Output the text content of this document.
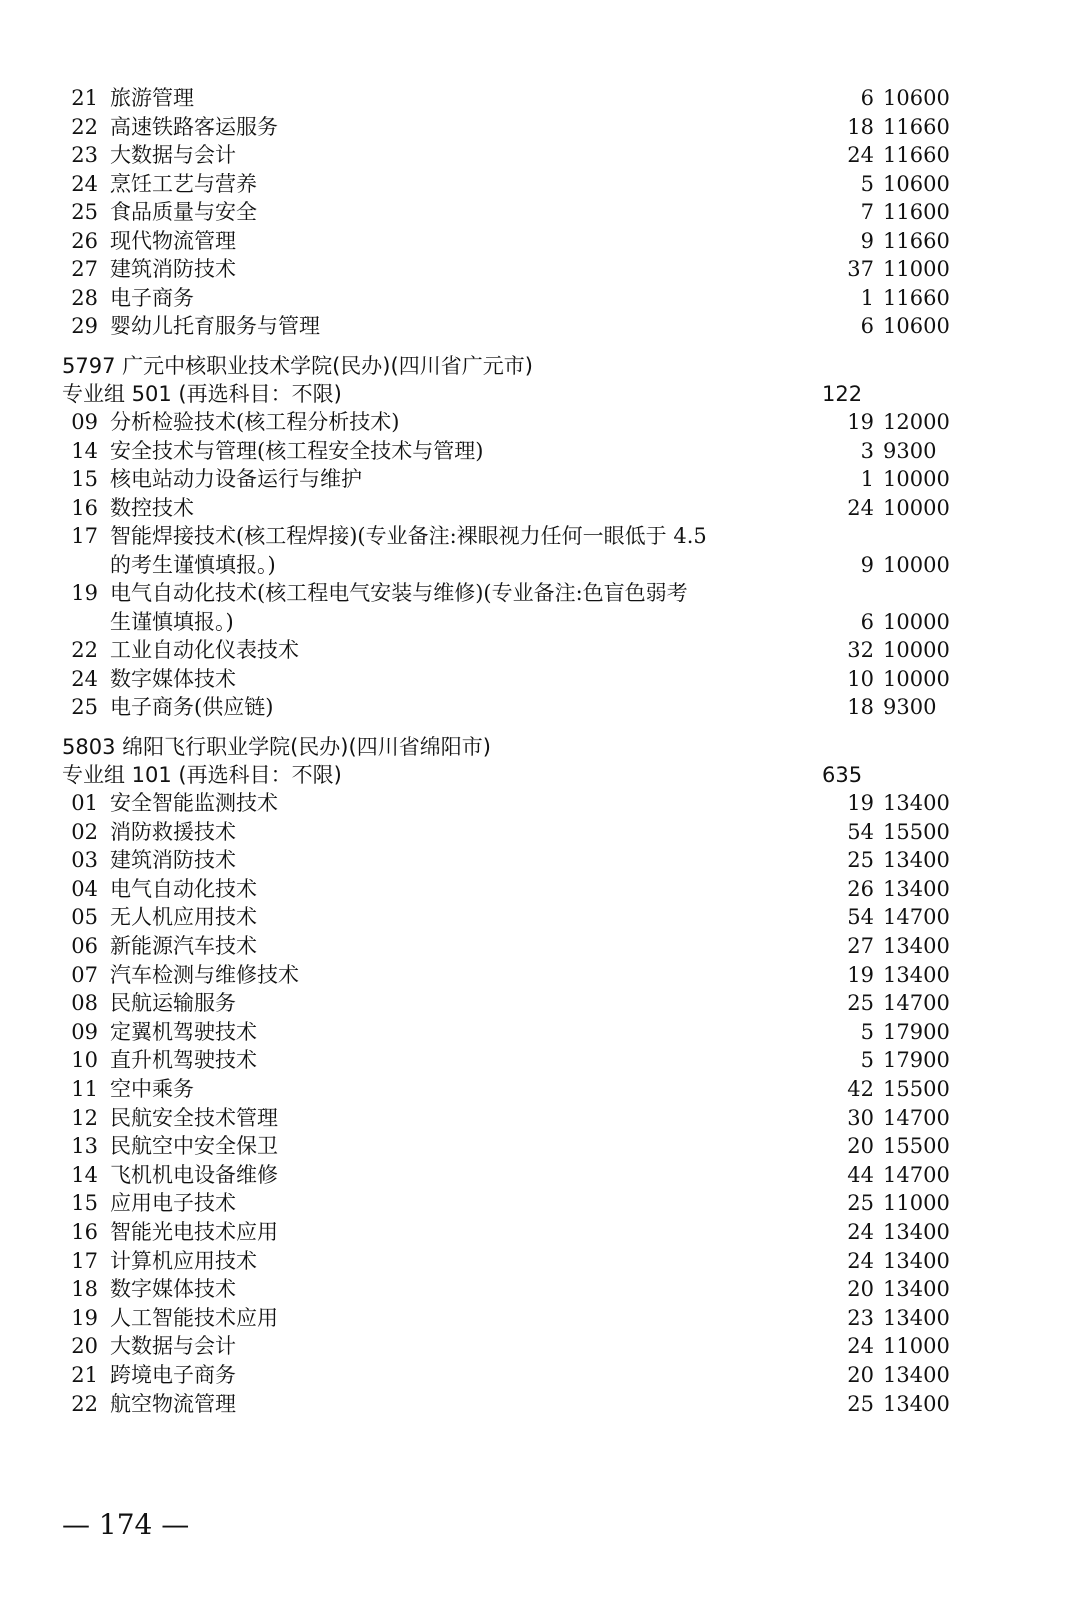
21 旅游管理	6 10600
22 高速铁路客运服务	18 11660
23 大数据与会计	24 11660
24 烹饪工艺与营养	5 10600
25 食品质量与安全	7 11600
26 现代物流管理	9 11660
27 建筑消防技术	37 11000
28 电子商务	1 11660
29 婴幼儿托育服务与管理	6 10600
5797 广元中核职业技术学院(民办)(四川省广元市)
专业组 501 (再选科目：不限)	122
09 分析检验技术(核工程分析技术)	19 12000
14 安全技术与管理(核工程安全技术与管理)	3 9300
15 核电站动力设备运行与维护	1 10000
16 数控技术	24 10000
17 智能焊接技术(核工程焊接)(专业备注:裸眼视力任何一眼低于 4.5
的考生谨慎填报。)	9 10000
19 电气自动化技术(核工程电气安装与维修)(专业备注:色盲色弱考
生谨慎填报。)	6 10000
22 工业自动化仪表技术	32 10000
24 数字媒体技术	10 10000
25 电子商务(供应链)	18 9300
5803 绵阳飞行职业学院(民办)(四川省绵阳市)
专业组 101 (再选科目：不限)	635
01 安全智能监测技术	19 13400
02 消防救援技术	54 15500
03 建筑消防技术	25 13400
04 电气自动化技术	26 13400
05 无人机应用技术	54 14700
06 新能源汽车技术	27 13400
07 汽车检测与维修技术	19 13400
08 民航运输服务	25 14700
09 定翼机驾驶技术	5 17900
10 直升机驾驶技术	5 17900
11 空中乘务	42 15500
12 民航安全技术管理	30 14700
13 民航空中安全保卫	20 15500
14 飞机机电设备维修	44 14700
15 应用电子技术	25 11000
16 智能光电技术应用	24 13400
17 计算机应用技术	24 13400
18 数字媒体技术	20 13400
19 人工智能技术应用	23 13400
20 大数据与会计	24 11000
21 跨境电子商务	20 13400
22 航空物流管理	25 13400
— 174 —
